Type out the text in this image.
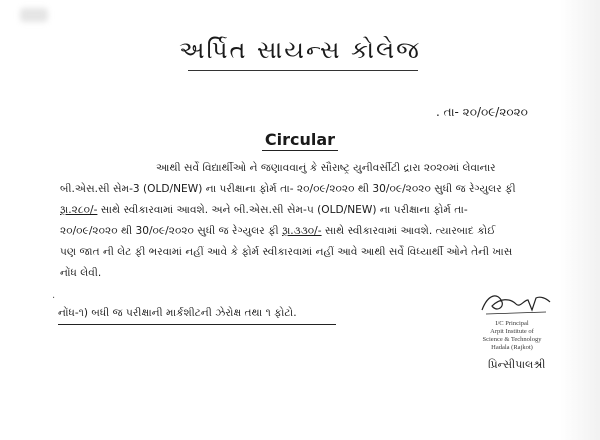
અર્પિત સાયન્સ કોલેજ
. તા- ૨૦/૦૯/૨૦૨૦
Circular
આથી સર્વે વિદ્યાર્થીઓ ને જણાવવાનું કે સૌરાષ્ટ્ર યુનીવર્સીટી દ્રારા ૨૦૨૦માં લેવાનાર
બી.એસ.સી સેમ-3 (OLD/NEW) ના પરીક્ષાના ફોર્મ તા- ૨૦/૦૯/૨૦૨૦ થી 30/૦૯/૨૦૨૦ સુધી જ રેગ્યુલર ફી
રૂા.૨૮૦/- સાથે સ્વીકારવામાં આવશે. અને બી.એસ.સી સેમ-૫ (OLD/NEW) ના પરીક્ષાના ફોર્મ તા-
૨૦/૦૯/૨૦૨૦ થી 30/૦૯/૨૦૨૦ સુધી જ રેગ્યુલર ફી રૂા.૩૩૦/- સાથે સ્વીકારવામાં આવશે. ત્યારબાદ કોઈ
પણ જાત ની લેટ ફી ભરવામાં નહીં આવે કે ફોર્મ સ્વીકારવામાં નહીં આવે આથી સર્વે વિધ્યાર્થી ઓને તેની ખાસ
નોંધ લેવી.
.
નોંધ-૧) બધી જ પરીક્ષાની માર્કશીટની ઝેરોક્ષ તથા ૧ ફોટો.
I/C Principal
Arpit Institute of
Science & Technology
Hadala (Rajkot)
પ્રિન્સીપાલશ્રી
